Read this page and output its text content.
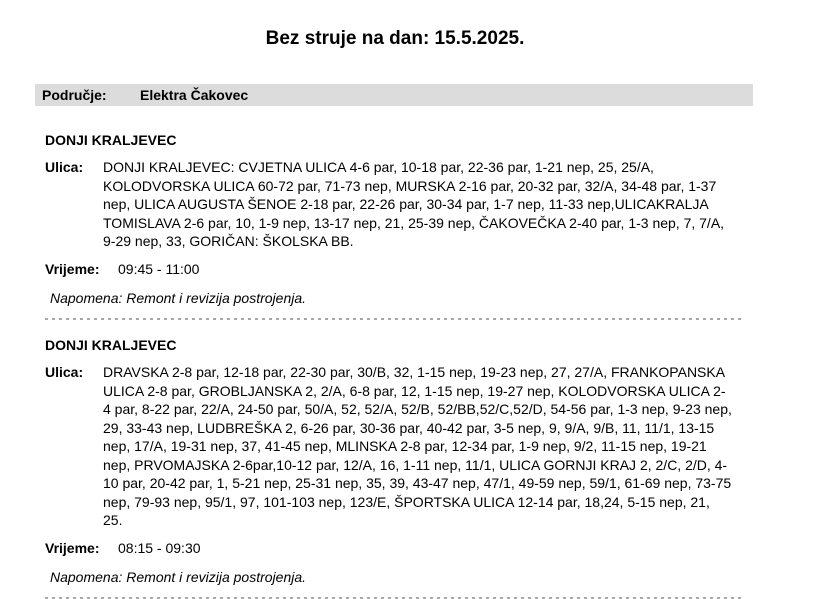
Bez struje na dan: 15.5.2025.
Područje:	Elektra Čakovec
DONJI KRALJEVEC
Ulica:	DONJI KRALJEVEC: CVJETNA ULICA 4-6 par, 10-18 par, 22-36 par, 1-21 nep, 25, 25/A, KOLODVORSKA ULICA 60-72 par, 71-73 nep, MURSKA 2-16 par, 20-32 par, 32/A, 34-48 par, 1-37 nep, ULICA AUGUSTA ŠENOE 2-18 par, 22-26 par, 30-34 par, 1-7 nep, 11-33 nep,ULICAKRALJA TOMISLAVA 2-6 par, 10, 1-9 nep, 13-17 nep, 21, 25-39 nep, ČAKOVEČKA 2-40 par, 1-3 nep, 7, 7/A, 9-29 nep, 33, GORIČAN: ŠKOLSKA BB.

Vrijeme:	09:45 - 11:00

Napomena: Remont i revizija postrojenja.

DONJI KRALJEVEC
Ulica:	DRAVSKA 2-8 par, 12-18 par, 22-30 par, 30/B, 32, 1-15 nep, 19-23 nep, 27, 27/A, FRANKOPANSKA ULICA 2-8 par, GROBLJANSKA 2, 2/A, 6-8 par, 12, 1-15 nep, 19-27 nep, KOLODVORSKA ULICA 2-4 par, 8-22 par, 22/A, 24-50 par, 50/A, 52, 52/A, 52/B, 52/BB,52/C,52/D, 54-56 par, 1-3 nep, 9-23 nep, 29, 33-43 nep, LUDBREŠKA 2, 6-26 par, 30-36 par, 40-42 par, 3-5 nep, 9, 9/A, 9/B, 11, 11/1, 13-15 nep, 17/A, 19-31 nep, 37, 41-45 nep, MLINSKA 2-8 par, 12-34 par, 1-9 nep, 9/2, 11-15 nep, 19-21 nep, PRVOMAJSKA 2-6par,10-12 par, 12/A, 16, 1-11 nep, 11/1, ULICA GORNJI KRAJ 2, 2/C, 2/D, 4-10 par, 20-42 par, 1, 5-21 nep, 25-31 nep, 35, 39, 43-47 nep, 47/1, 49-59 nep, 59/1, 61-69 nep, 73-75 nep, 79-93 nep, 95/1, 97, 101-103 nep, 123/E, ŠPORTSKA ULICA 12-14 par, 18,24, 5-15 nep, 21, 25.

Vrijeme:	08:15 - 09:30

Napomena: Remont i revizija postrojenja.
